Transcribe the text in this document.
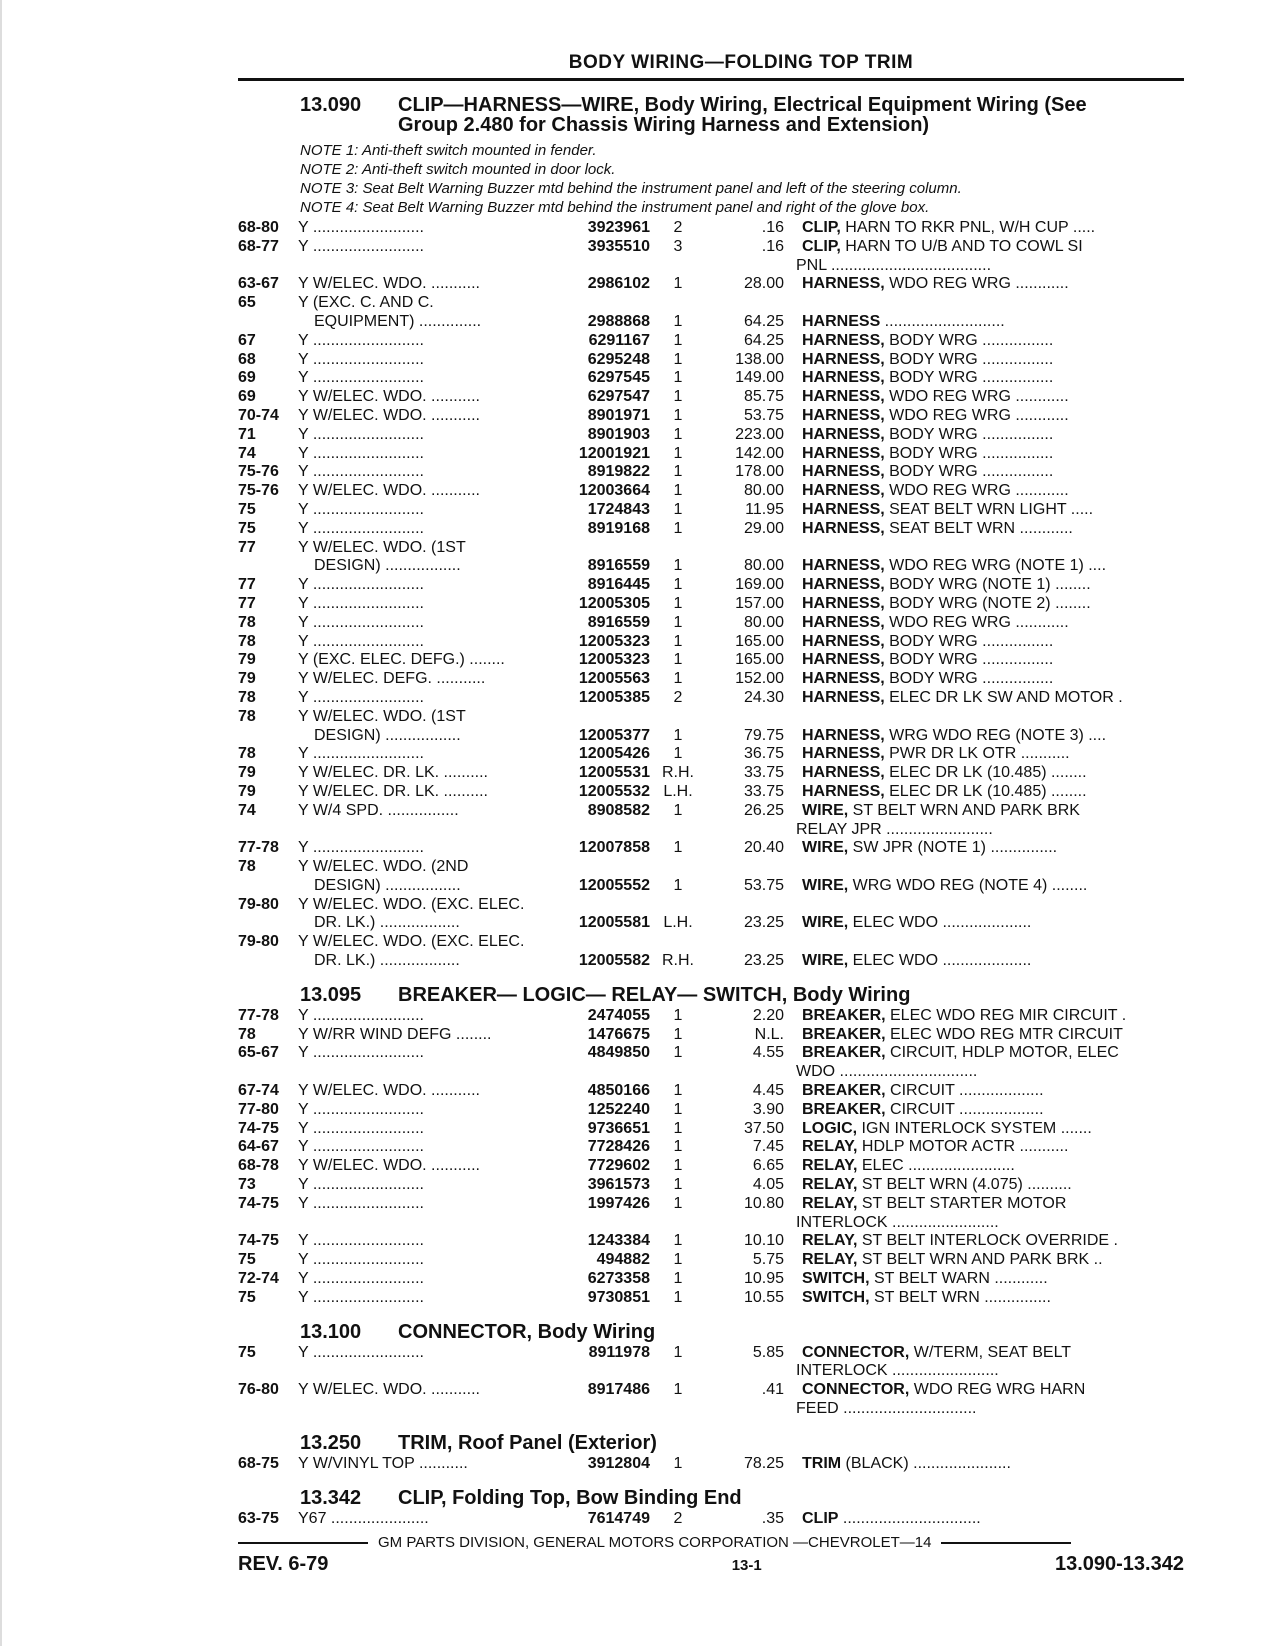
BODY WIRING—FOLDING TOP TRIM
13.090	CLIP—HARNESS—WIRE, Body Wiring, Electrical Equipment Wiring (See
Group 2.480 for Chassis Wiring Harness and Extension)
NOTE 1: Anti-theft switch mounted in fender.
NOTE 2: Anti-theft switch mounted in door lock.
NOTE 3: Seat Belt Warning Buzzer mtd behind the instrument panel and left of the steering column.
NOTE 4: Seat Belt Warning Buzzer mtd behind the instrument panel and right of the glove box.
68-80	Y .........................	3923961	2	.16	CLIP, HARN TO RKR PNL, W/H CUP .....
68-77	Y .........................	3935510	3	.16	CLIP, HARN TO U/B AND TO COWL SI
PNL ....................................
63-67	Y W/ELEC. WDO. ...........	2986102	1	28.00	HARNESS, WDO REG WRG ............
65	Y (EXC. C. AND C.
EQUIPMENT) ..............	2988868	1	64.25	HARNESS ...........................
67	Y .........................	6291167	1	64.25	HARNESS, BODY WRG ................
68	Y .........................	6295248	1	138.00	HARNESS, BODY WRG ................
69	Y .........................	6297545	1	149.00	HARNESS, BODY WRG ................
69	Y W/ELEC. WDO. ...........	6297547	1	85.75	HARNESS, WDO REG WRG ............
70-74	Y W/ELEC. WDO. ...........	8901971	1	53.75	HARNESS, WDO REG WRG ............
71	Y .........................	8901903	1	223.00	HARNESS, BODY WRG ................
74	Y .........................	12001921	1	142.00	HARNESS, BODY WRG ................
75-76	Y .........................	8919822	1	178.00	HARNESS, BODY WRG ................
75-76	Y W/ELEC. WDO. ...........	12003664	1	80.00	HARNESS, WDO REG WRG ............
75	Y .........................	1724843	1	11.95	HARNESS, SEAT BELT WRN LIGHT .....
75	Y .........................	8919168	1	29.00	HARNESS, SEAT BELT WRN ............
77	Y W/ELEC. WDO. (1ST
DESIGN) .................	8916559	1	80.00	HARNESS, WDO REG WRG (NOTE 1) ....
77	Y .........................	8916445	1	169.00	HARNESS, BODY WRG (NOTE 1) ........
77	Y .........................	12005305	1	157.00	HARNESS, BODY WRG (NOTE 2) ........
78	Y .........................	8916559	1	80.00	HARNESS, WDO REG WRG ............
78	Y .........................	12005323	1	165.00	HARNESS, BODY WRG ................
79	Y (EXC. ELEC. DEFG.) ........	12005323	1	165.00	HARNESS, BODY WRG ................
79	Y W/ELEC. DEFG. ...........	12005563	1	152.00	HARNESS, BODY WRG ................
78	Y .........................	12005385	2	24.30	HARNESS, ELEC DR LK SW AND MOTOR .
78	Y W/ELEC. WDO. (1ST
DESIGN) .................	12005377	1	79.75	HARNESS, WRG WDO REG (NOTE 3) ....
78	Y .........................	12005426	1	36.75	HARNESS, PWR DR LK OTR ...........
79	Y W/ELEC. DR. LK. ..........	12005531 R.H.	33.75	HARNESS, ELEC DR LK (10.485) ........
79	Y W/ELEC. DR. LK. ..........	12005532 L.H.	33.75	HARNESS, ELEC DR LK (10.485) ........
74	Y W/4 SPD. ................	8908582	1	26.25	WIRE, ST BELT WRN AND PARK BRK
RELAY JPR ........................
77-78	Y .........................	12007858	1	20.40	WIRE, SW JPR (NOTE 1) ...............
78	Y W/ELEC. WDO. (2ND
DESIGN) .................	12005552	1	53.75	WIRE, WRG WDO REG (NOTE 4) ........
79-80	Y W/ELEC. WDO. (EXC. ELEC.
DR. LK.) ..................	12005581 L.H.	23.25	WIRE, ELEC WDO ....................
79-80	Y W/ELEC. WDO. (EXC. ELEC.
DR. LK.) ..................	12005582 R.H.	23.25	WIRE, ELEC WDO ....................
13.095	BREAKER— LOGIC— RELAY— SWITCH, Body Wiring
77-78	Y .........................	2474055	1	2.20	BREAKER, ELEC WDO REG MIR CIRCUIT .
78	Y W/RR WIND DEFG ........	1476675	1	N.L.	BREAKER, ELEC WDO REG MTR CIRCUIT
65-67	Y .........................	4849850	1	4.55	BREAKER, CIRCUIT, HDLP MOTOR, ELEC
WDO ...............................
67-74	Y W/ELEC. WDO. ...........	4850166	1	4.45	BREAKER, CIRCUIT ...................
77-80	Y .........................	1252240	1	3.90	BREAKER, CIRCUIT ...................
74-75	Y .........................	9736651	1	37.50	LOGIC, IGN INTERLOCK SYSTEM .......
64-67	Y .........................	7728426	1	7.45	RELAY, HDLP MOTOR ACTR ...........
68-78	Y W/ELEC. WDO. ...........	7729602	1	6.65	RELAY, ELEC ........................
73	Y .........................	3961573	1	4.05	RELAY, ST BELT WRN (4.075) ..........
74-75	Y .........................	1997426	1	10.80	RELAY, ST BELT STARTER MOTOR
INTERLOCK ........................
74-75	Y .........................	1243384	1	10.10	RELAY, ST BELT INTERLOCK OVERRIDE .
75	Y .........................	494882	1	5.75	RELAY, ST BELT WRN AND PARK BRK ..
72-74	Y .........................	6273358	1	10.95	SWITCH, ST BELT WARN ............
75	Y .........................	9730851	1	10.55	SWITCH, ST BELT WRN ...............
13.100	CONNECTOR, Body Wiring
75	Y .........................	8911978	1	5.85	CONNECTOR, W/TERM, SEAT BELT
INTERLOCK ........................
76-80	Y W/ELEC. WDO. ...........	8917486	1	.41	CONNECTOR, WDO REG WRG HARN
FEED ..............................
13.250	TRIM, Roof Panel (Exterior)
68-75	Y W/VINYL TOP ...........	3912804	1	78.25	TRIM (BLACK) ......................
13.342	CLIP, Folding Top, Bow Binding End
63-75	Y67 ......................	7614749	2	.35	CLIP ...............................
GM PARTS DIVISION, GENERAL MOTORS CORPORATION —CHEVROLET—14
REV. 6-79	13-1	13.090-13.342
